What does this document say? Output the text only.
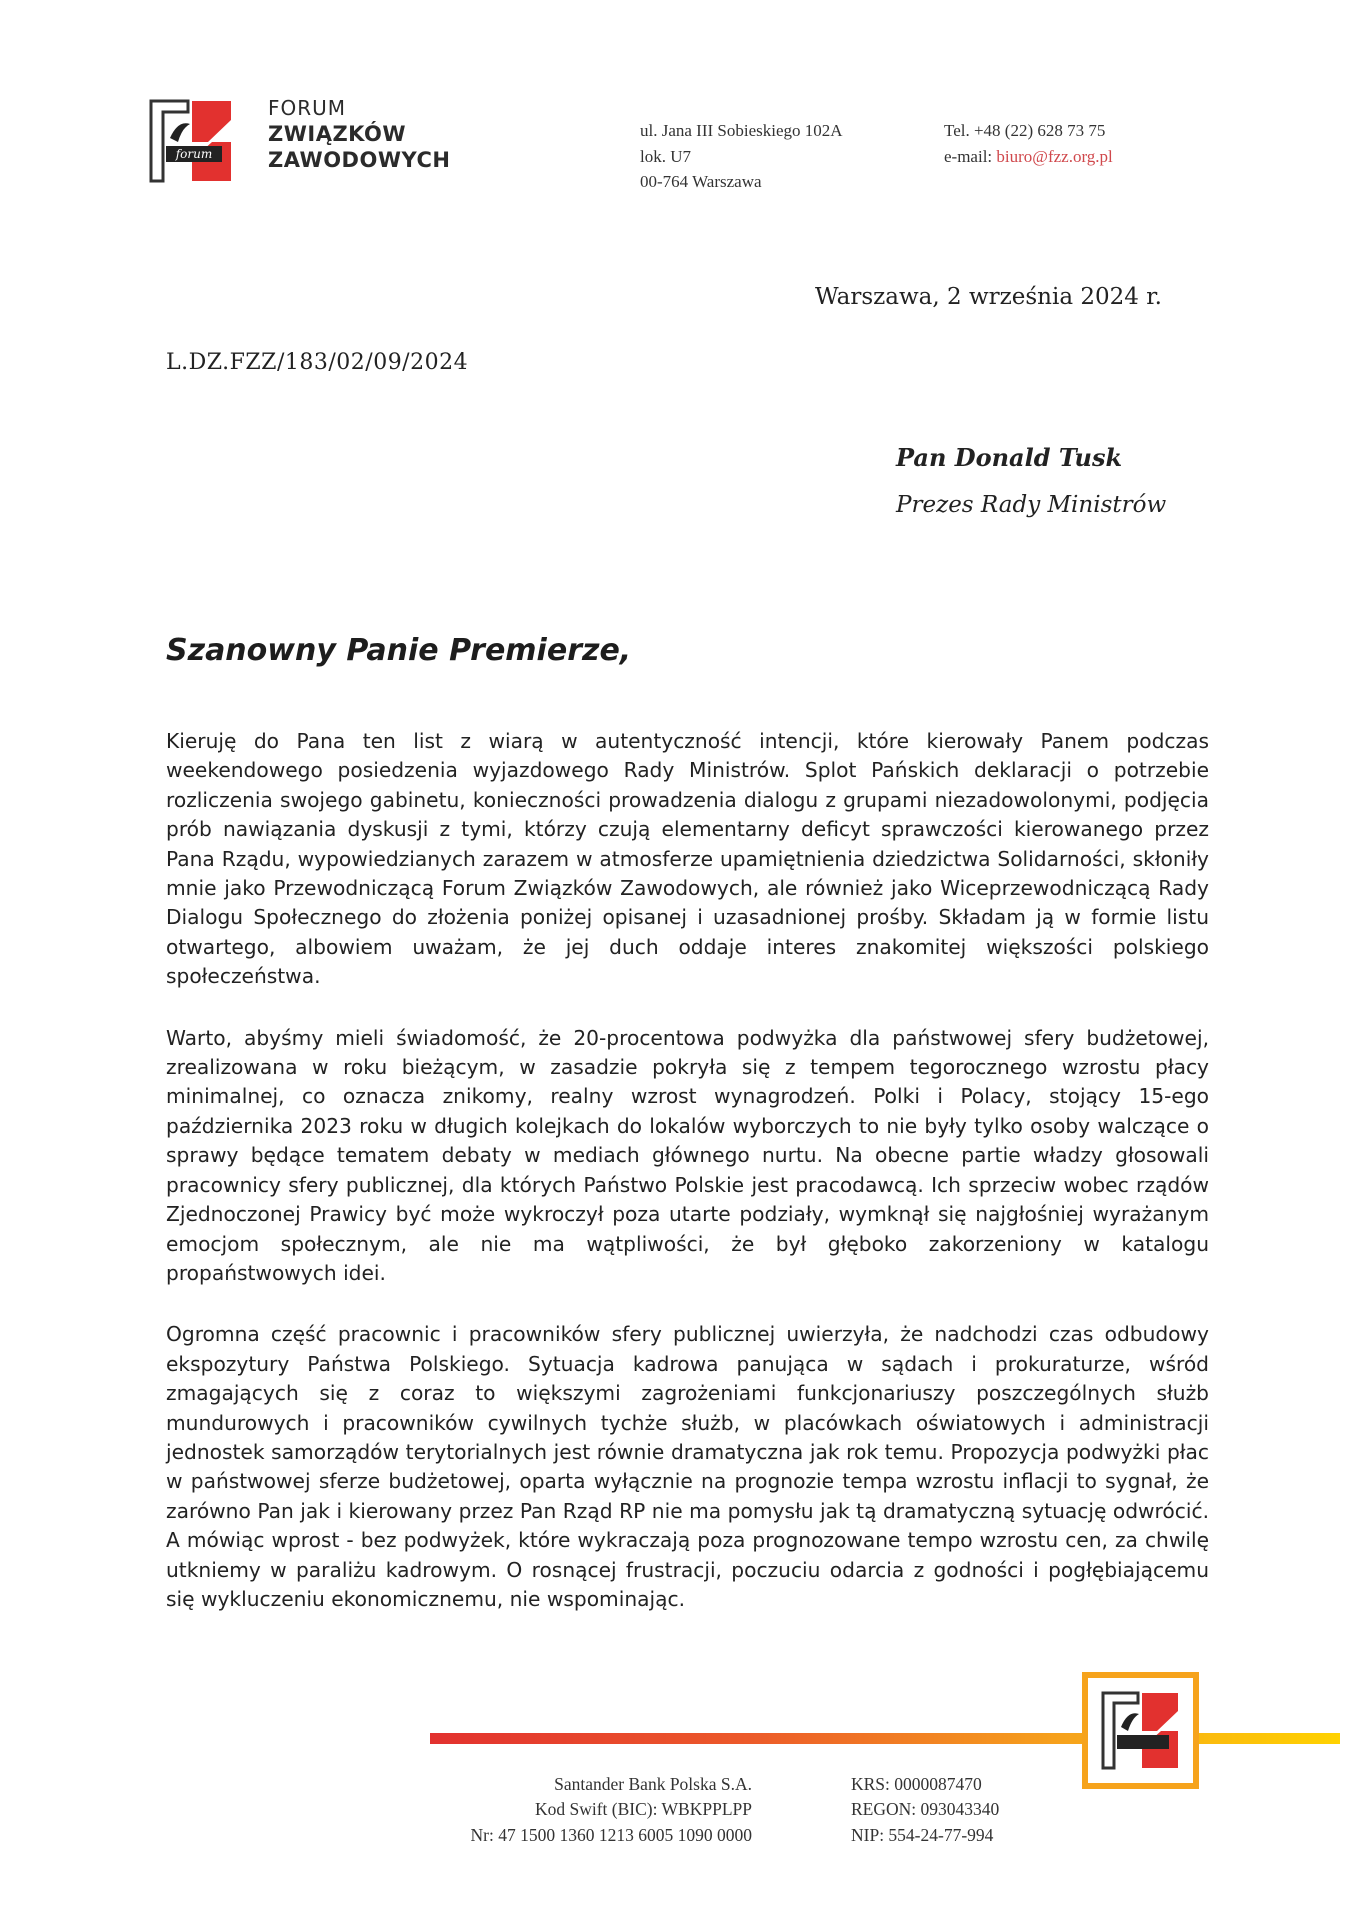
forum
FORUM
ZWIĄZKÓW
ZAWODOWYCH
ul. Jana III Sobieskiego 102A
lok. U7
00-764 Warszawa
Tel. +48 (22) 628 73 75
e-mail: biuro@fzz.org.pl
Warszawa, 2 września 2024 r.
L.DZ.FZZ/183/02/09/2024
Pan Donald Tusk
Prezes Rady Ministrów
Szanowny Panie Premierze,

Kieruję do Pana ten list z wiarą w autentyczność intencji, które kierowały Panem podczas weekendowego posiedzenia wyjazdowego Rady Ministrów. Splot Pańskich deklaracji o potrzebie rozliczenia swojego gabinetu, konieczności prowadzenia dialogu z grupami niezadowolonymi, podjęcia prób nawiązania dyskusji z tymi, którzy czują elementarny deficyt sprawczości kierowanego przez Pana Rządu, wypowiedzianych zarazem w atmosferze upamiętnienia dziedzictwa Solidarności, skłoniły mnie jako Przewodniczącą Forum Związków Zawodowych, ale również jako Wiceprzewodniczącą Rady Dialogu Społecznego do złożenia poniżej opisanej i uzasadnionej prośby. Składam ją w formie listu otwartego, albowiem uważam, że jej duch oddaje interes znakomitej większości polskiego społeczeństwa.

Warto, abyśmy mieli świadomość, że 20-procentowa podwyżka dla państwowej sfery budżetowej, zrealizowana w roku bieżącym, w zasadzie pokryła się z tempem tegorocznego wzrostu płacy minimalnej, co oznacza znikomy, realny wzrost wynagrodzeń. Polki i Polacy, stojący 15-ego października 2023 roku w długich kolejkach do lokalów wyborczych to nie były tylko osoby walczące o sprawy będące tematem debaty w mediach głównego nurtu. Na obecne partie władzy głosowali pracownicy sfery publicznej, dla których Państwo Polskie jest pracodawcą. Ich sprzeciw wobec rządów Zjednoczonej Prawicy być może wykroczył poza utarte podziały, wymknął się najgłośniej wyrażanym emocjom społecznym, ale nie ma wątpliwości, że był głęboko zakorzeniony w katalogu propaństwowych idei.

Ogromna część pracownic i pracowników sfery publicznej uwierzyła, że nadchodzi czas odbudowy ekspozytury Państwa Polskiego. Sytuacja kadrowa panująca w sądach i prokuraturze, wśród zmagających się z coraz to większymi zagrożeniami funkcjonariuszy poszczególnych służb mundurowych i pracowników cywilnych tychże służb, w placówkach oświatowych i administracji jednostek samorządów terytorialnych jest równie dramatyczna jak rok temu. Propozycja podwyżki płac w państwowej sferze budżetowej, oparta wyłącznie na prognozie tempa wzrostu inflacji to sygnał, że zarówno Pan jak i kierowany przez Pan Rząd RP nie ma pomysłu jak tą dramatyczną sytuację odwrócić. A mówiąc wprost - bez podwyżek, które wykraczają poza prognozowane tempo wzrostu cen, za chwilę utkniemy w paraliżu kadrowym. O rosnącej frustracji, poczuciu odarcia z godności i pogłębiającemu się wykluczeniu ekonomicznemu, nie wspominając.

Santander Bank Polska S.A.
Kod Swift (BIC): WBKPPLPP
Nr: 47 1500 1360 1213 6005 1090 0000
KRS: 0000087470
REGON: 093043340
NIP: 554-24-77-994
